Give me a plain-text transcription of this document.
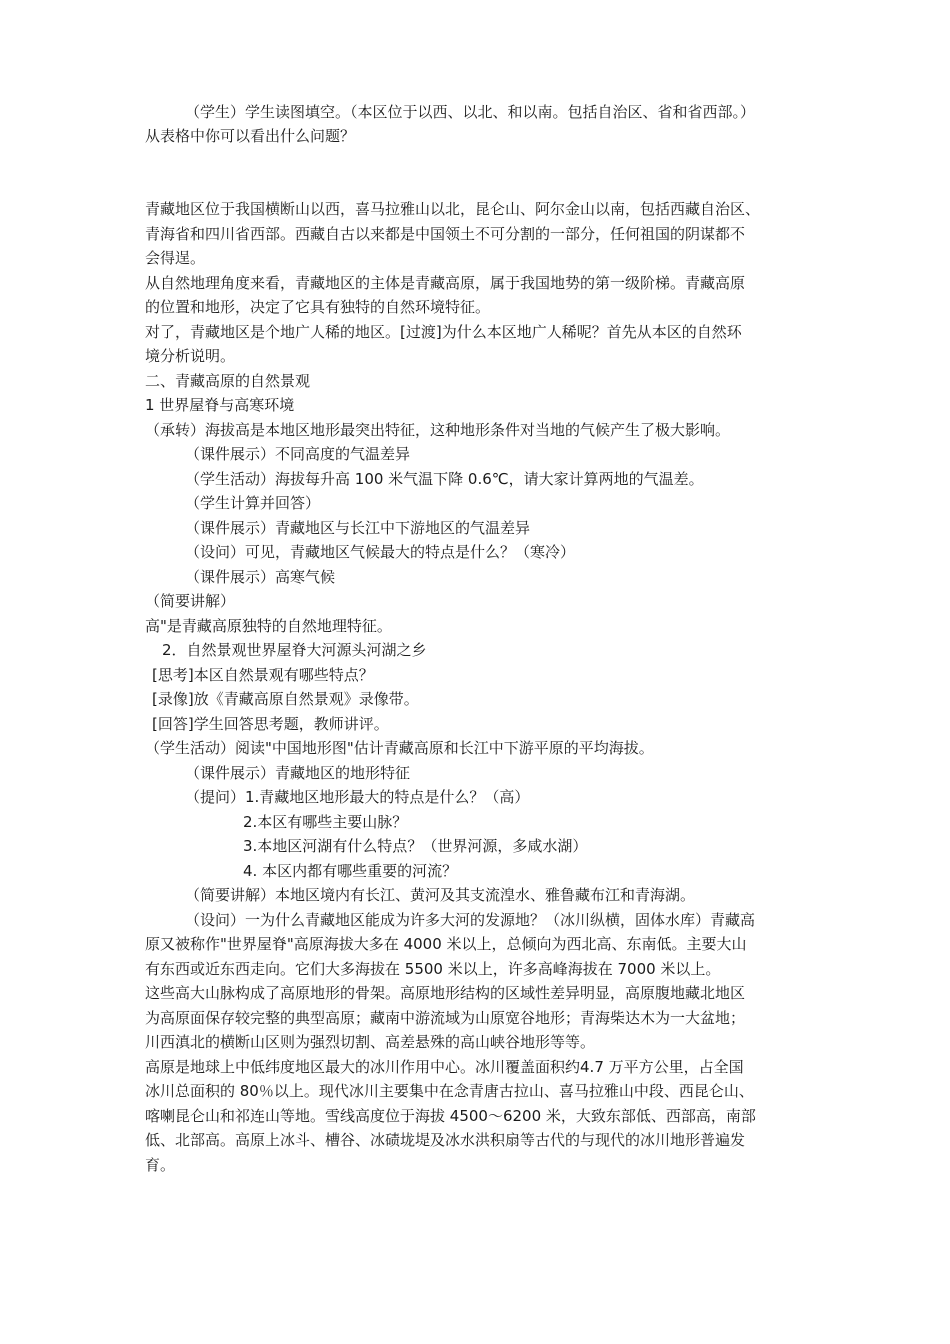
（学生）学生读图填空。（本区位于以西、以北、和以南。包括自治区、省和省西部。）
从表格中你可以看出什么问题？
青藏地区位于我国横断山以西，喜马拉雅山以北，昆仑山、阿尔金山以南，包括西藏自治区、
青海省和四川省西部。西藏自古以来都是中国领土不可分割的一部分，任何祖国的阴谋都不
会得逞。
从自然地理角度来看，青藏地区的主体是青藏高原，属于我国地势的第一级阶梯。青藏高原
的位置和地形，决定了它具有独特的自然环境特征。
对了，青藏地区是个地广人稀的地区。[过渡]为什么本区地广人稀呢？首先从本区的自然环
境分析说明。
二、青藏高原的自然景观
1 世界屋脊与高寒环境
（承转）海拔高是本地区地形最突出特征，这种地形条件对当地的气候产生了极大影响。
（课件展示）不同高度的气温差异
（学生活动）海拔每升高 100 米气温下降 0.6℃，请大家计算两地的气温差。
（学生计算并回答）
（课件展示）青藏地区与长江中下游地区的气温差异
（设问）可见，青藏地区气候最大的特点是什么？（寒冷）
（课件展示）高寒气候
（简要讲解）
高"是青藏高原独特的自然地理特征。
2．自然景观世界屋脊大河源头河湖之乡
[思考]本区自然景观有哪些特点？
[录像]放《青藏高原自然景观》录像带。
[回答]学生回答思考题，教师讲评。
（学生活动）阅读"中国地形图"估计青藏高原和长江中下游平原的平均海拔。
（课件展示）青藏地区的地形特征
（提问）1.青藏地区地形最大的特点是什么？（高）
2.本区有哪些主要山脉？
3.本地区河湖有什么特点？（世界河源，多咸水湖）
4. 本区内都有哪些重要的河流？
（简要讲解）本地区境内有长江、黄河及其支流湟水、雅鲁藏布江和青海湖。
（设问）一为什么青藏地区能成为许多大河的发源地？（冰川纵横，固体水库）青藏高
原又被称作"世界屋脊"高原海拔大多在 4000 米以上，总倾向为西北高、东南低。主要大山
有东西或近东西走向。它们大多海拔在 5500 米以上，许多高峰海拔在 7000 米以上。
这些高大山脉构成了高原地形的骨架。高原地形结构的区域性差异明显，高原腹地藏北地区
为高原面保存较完整的典型高原；藏南中游流域为山原宽谷地形；青海柴达木为一大盆地；
川西滇北的横断山区则为强烈切割、高差悬殊的高山峡谷地形等等。
高原是地球上中低纬度地区最大的冰川作用中心。冰川覆盖面积约4.7 万平方公里，占全国
冰川总面积的 80％以上。现代冰川主要集中在念青唐古拉山、喜马拉雅山中段、西昆仑山、
喀喇昆仑山和祁连山等地。雪线高度位于海拔 4500～6200 米，大致东部低、西部高，南部
低、北部高。高原上冰斗、槽谷、冰碛垅堤及冰水洪积扇等古代的与现代的冰川地形普遍发
育。
